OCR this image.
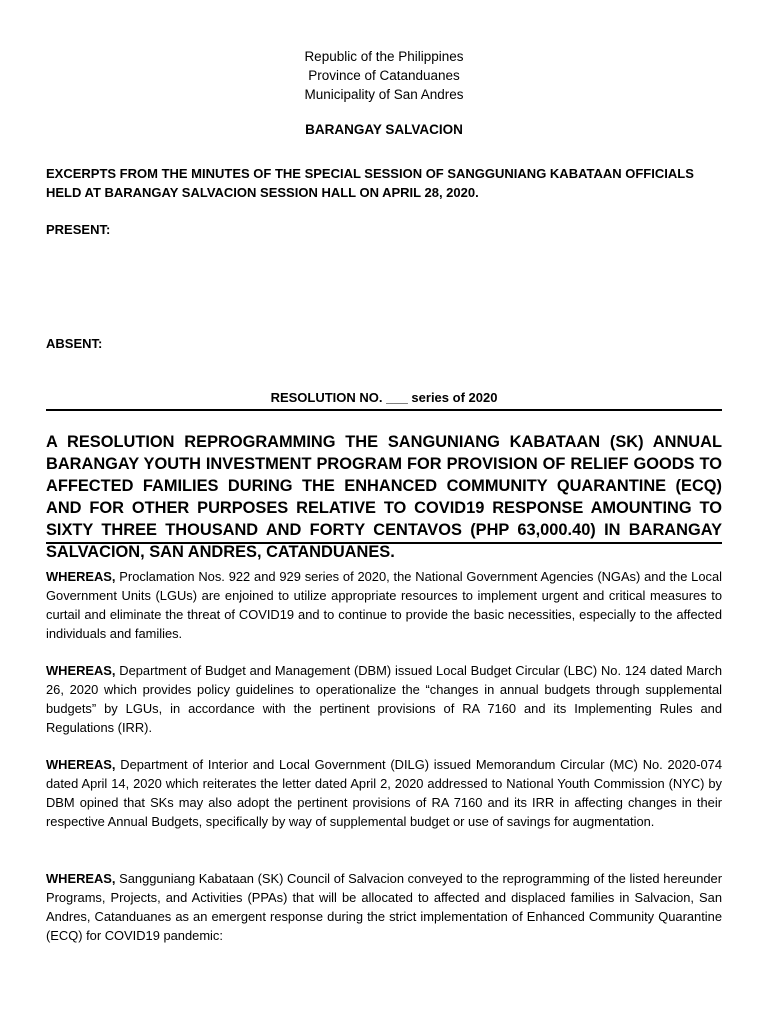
Republic of the Philippines
Province of Catanduanes
Municipality of San Andres
BARANGAY SALVACION
EXCERPTS FROM THE MINUTES OF THE SPECIAL SESSION OF SANGGUNIANG KABATAAN OFFICIALS HELD AT BARANGAY SALVACION SESSION HALL ON APRIL 28, 2020.
PRESENT:
ABSENT:
RESOLUTION NO. ___ series of 2020
A RESOLUTION REPROGRAMMING THE SANGUNIANG KABATAAN (SK) ANNUAL BARANGAY YOUTH INVESTMENT PROGRAM FOR PROVISION OF RELIEF GOODS TO AFFECTED FAMILIES DURING THE ENHANCED COMMUNITY QUARANTINE (ECQ) AND FOR OTHER PURPOSES RELATIVE TO COVID19 RESPONSE AMOUNTING TO SIXTY THREE THOUSAND AND FORTY CENTAVOS (PHP 63,000.40) IN BARANGAY SALVACION, SAN ANDRES, CATANDUANES.
WHEREAS, Proclamation Nos. 922 and 929 series of 2020, the National Government Agencies (NGAs) and the Local Government Units (LGUs) are enjoined to utilize appropriate resources to implement urgent and critical measures to curtail and eliminate the threat of COVID19 and to continue to provide the basic necessities, especially to the affected individuals and families.
WHEREAS, Department of Budget and Management (DBM) issued Local Budget Circular (LBC) No. 124 dated March 26, 2020 which provides policy guidelines to operationalize the “changes in annual budgets through supplemental budgets” by LGUs, in accordance with the pertinent provisions of RA 7160 and its Implementing Rules and Regulations (IRR).
WHEREAS, Department of Interior and Local Government (DILG) issued Memorandum Circular (MC) No. 2020-074 dated April 14, 2020 which reiterates the letter dated April 2, 2020 addressed to National Youth Commission (NYC) by DBM opined that SKs may also adopt the pertinent provisions of RA 7160 and its IRR in affecting changes in their respective Annual Budgets, specifically by way of supplemental budget or use of savings for augmentation.
WHEREAS, Sangguniang Kabataan (SK) Council of Salvacion conveyed to the reprogramming of the listed hereunder Programs, Projects, and Activities (PPAs) that will be allocated to affected and displaced families in Salvacion, San Andres, Catanduanes as an emergent response during the strict implementation of Enhanced Community Quarantine (ECQ) for COVID19 pandemic:
